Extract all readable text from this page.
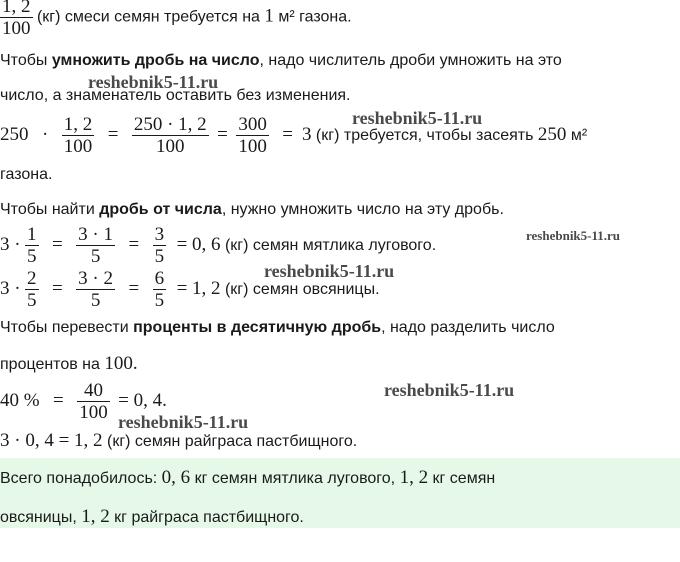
$\frac{1, 2}{100} (кг)$ смеси семян требуется на 1 м² газона.
Чтобы умножить дробь на число, надо числитель дроби умножить на это
число, а знаменатель оставить без изменения.
$250 \cdot \frac{1, 2}{100} = \frac{250 \cdot 1, 2}{100} = \frac{300}{100} = 3$ (кг) требуется, чтобы засеять 250 м²
газона.
Чтобы найти дробь от числа, нужно умножить число на эту дробь.
$3 \cdot \frac{1}{5} = \frac{3 \cdot 1}{5} = \frac{3}{5} = 0$, 6 (кг) семян мятлика лугового.
$3 \cdot \frac{2}{5} = \frac{3 \cdot 2}{5} = \frac{6}{5} = 1$, 2 (кг) семян овсяницы.
Чтобы перевести проценты в десятичную дробь, надо разделить число
процентов на 100.
40 % = $\frac{40}{100} = 0$, 4.
3 · 0, 4 = 1, 2 (кг) семян райграса пастбищного.
Всего понадобилось: 0, 6 кг семян мятлика лугового, 1, 2 кг семян
овсяницы, 1, 2 кг райграса пастбищного.
reshebnik5-11.ru
reshebnik5-11.ru
reshebnik5-11.ru
reshebnik5-11.ru
reshebnik5-11.ru
reshebnik5-11.ru
